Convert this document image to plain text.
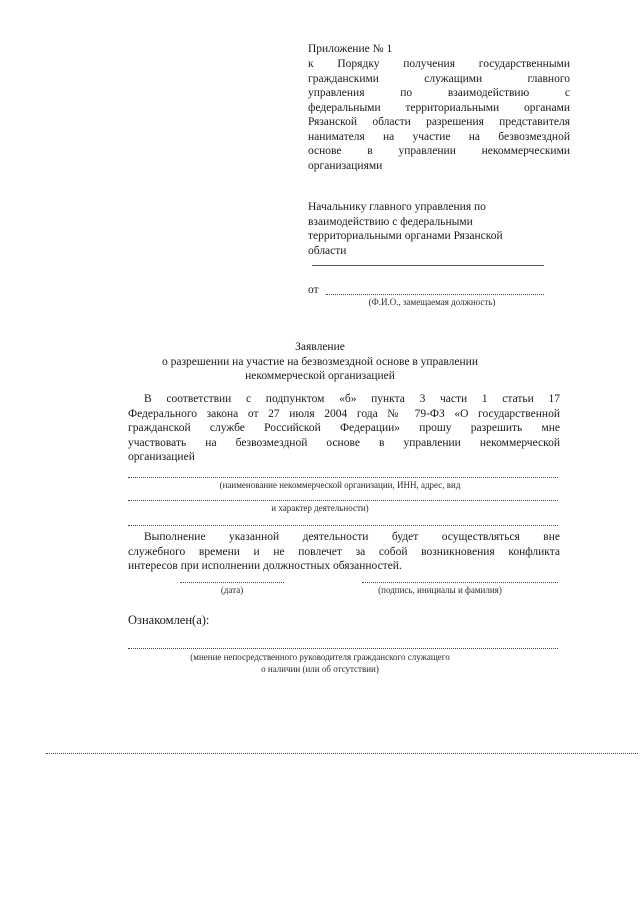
Приложение № 1
к Порядку получения государственными
гражданскими служащими главного
управления по взаимодействию с
федеральными территориальными органами
Рязанской области разрешения представителя
нанимателя на участие на безвозмездной
основе в управлении некоммерческими
организациями
Начальнику главного управления по
взаимодействию с федеральными
территориальными органами Рязанской
области
от
(Ф.И.О., замещаемая должность)
Заявление
о разрешении на участие на безвозмездной основе в управлении
некоммерческой организацией
В соответствии с подпунктом «б» пункта 3 части 1 статьи 17
Федерального закона от 27 июля 2004 года № 79-ФЗ «О государственной
гражданской службе Российской Федерации» прошу разрешить мне
участвовать на безвозмездной основе в управлении некоммерческой
организацией
(наименование некоммерческой организации, ИНН, адрес, вид
и характер деятельности)
Выполнение указанной деятельности будет осуществляться вне
служебного времени и не повлечет за собой возникновения конфликта
интересов при исполнении должностных обязанностей.
(дата)	(подпись, инициалы и фамилия)
Ознакомлен(а):
(мнение непосредственного руководителя гражданского служащего
о наличии (или об отсутствии)
